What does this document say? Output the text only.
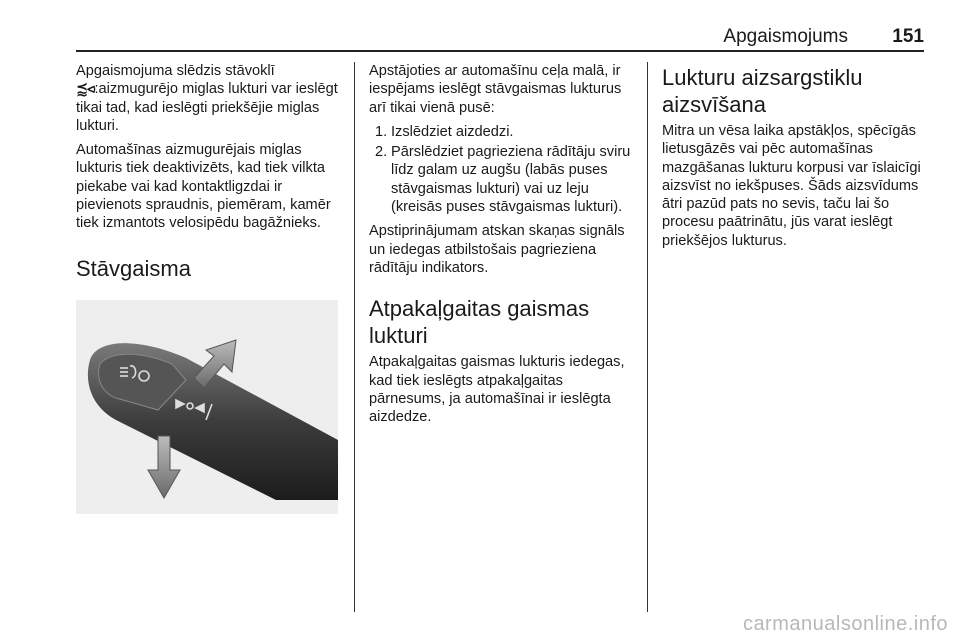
Apgaismojums 151

Apgaismojuma slēdzis stāvoklī
⪷⪦:aizmugurējo miglas lukturi var ieslēgt tikai tad, kad ieslēgti priekšējie miglas lukturi.

Automašīnas aizmugurējais miglas lukturis tiek deaktivizēts, kad tiek vilkta piekabe vai kad kontaktligzdai ir pievienots spraudnis, piemēram, kamēr tiek izmantots velosipēdu bagāžnieks.

Stāvgaisma

Apstājoties ar automašīnu ceļa malā, ir iespējams ieslēgt stāvgaismas lukturus arī tikai vienā pusē:

1. Izslēdziet aizdedzi.
2. Pārslēdziet pagrieziena rādītāju sviru līdz galam uz augšu (labās puses stāvgaismas lukturi) vai uz leju (kreisās puses stāvgaismas lukturi).

Apstiprinājumam atskan skaņas signāls un iedegas atbilstošais pagrieziena rādītāju indikators.

Atpakaļgaitas gaismas lukturi

Atpakaļgaitas gaismas lukturis iedegas, kad tiek ieslēgts atpakaļgaitas pārnesums, ja automašīnai ir ieslēgta aizdedze.

Lukturu aizsargstiklu aizsvīšana

Mitra un vēsa laika apstākļos, spēcīgās lietusgāzēs vai pēc automašīnas mazgāšanas lukturu korpusi var īslaicīgi aizsvīst no iekšpuses. Šāds aizsvīdums ātri pazūd pats no sevis, taču lai šo procesu paātrinātu, jūs varat ieslēgt priekšējos lukturus.

carmanualsonline.info
